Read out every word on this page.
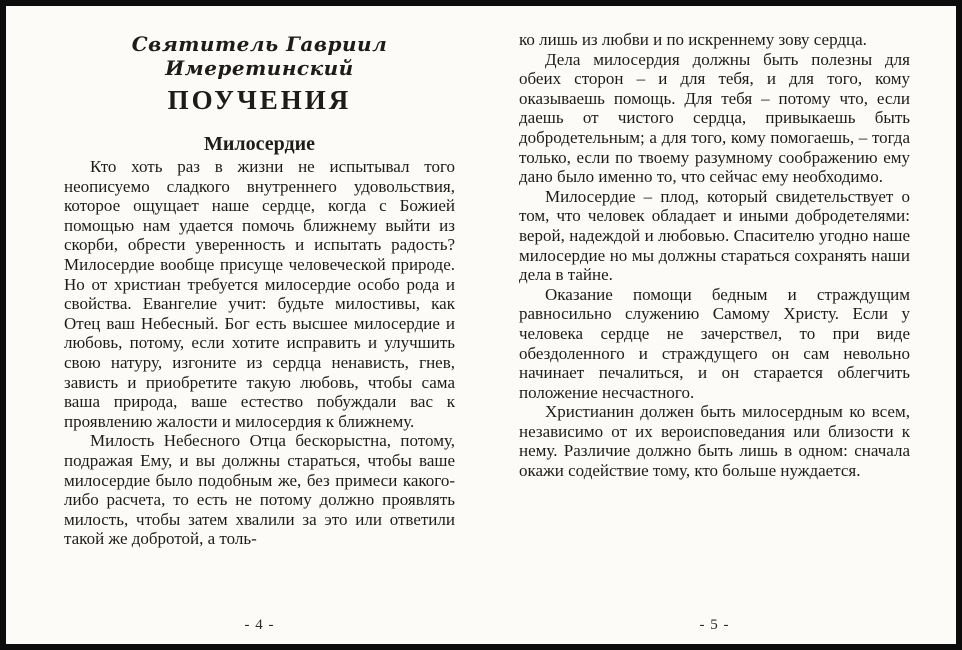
Святитель Гавриил Имеретинский
ПОУЧЕНИЯ
Милосердие

Кто хоть раз в жизни не испытывал того неописуемо сладкого внутреннего удовольствия, которое ощущает наше сердце, когда с Божией помощью нам удается помочь ближнему выйти из скорби, обрести уверенность и испытать радость? Милосердие вообще присуще человеческой природе. Но от христиан требуется милосердие особо рода и свойства. Евангелие учит: будьте милостивы, как Отец ваш Небесный. Бог есть высшее милосердие и любовь, потому, если хотите исправить и улучшить свою натуру, изгоните из сердца ненависть, гнев, зависть и приобретите такую любовь, чтобы сама ваша природа, ваше естество побуждали вас к проявлению жалости и милосердия к ближнему.

Милость Небесного Отца бескорыстна, потому, подражая Ему, и вы должны стараться, чтобы ваше милосердие было подобным же, без примеси какого-либо расчета, то есть не потому должно проявлять милость, чтобы затем хвалили за это или ответили такой же добротой, а толь-

- 4 -

ко лишь из любви и по искреннему зову сердца.

Дела милосердия должны быть полезны для обеих сторон – и для тебя, и для того, кому оказываешь помощь. Для тебя – потому что, если даешь от чистого сердца, привыкаешь быть добродетельным; а для того, кому помогаешь, – тогда только, если по твоему разумному соображению ему дано было именно то, что сейчас ему необходимо.

Милосердие – плод, который свидетельствует о том, что человек обладает и иными добродетелями: верой, надеждой и любовью. Спасителю угодно наше милосердие но мы должны стараться сохранять наши дела в тайне.

Оказание помощи бедным и страждущим равносильно служению Самому Христу. Если у человека сердце не зачерствел, то при виде обездоленного и страждущего он сам невольно начинает печалиться, и он старается облегчить положение несчастного.

Христианин должен быть милосердным ко всем, независимо от их вероисповедания или близости к нему. Различие должно быть лишь в одном: сначала окажи содействие тому, кто больше нуждается.

- 5 -
